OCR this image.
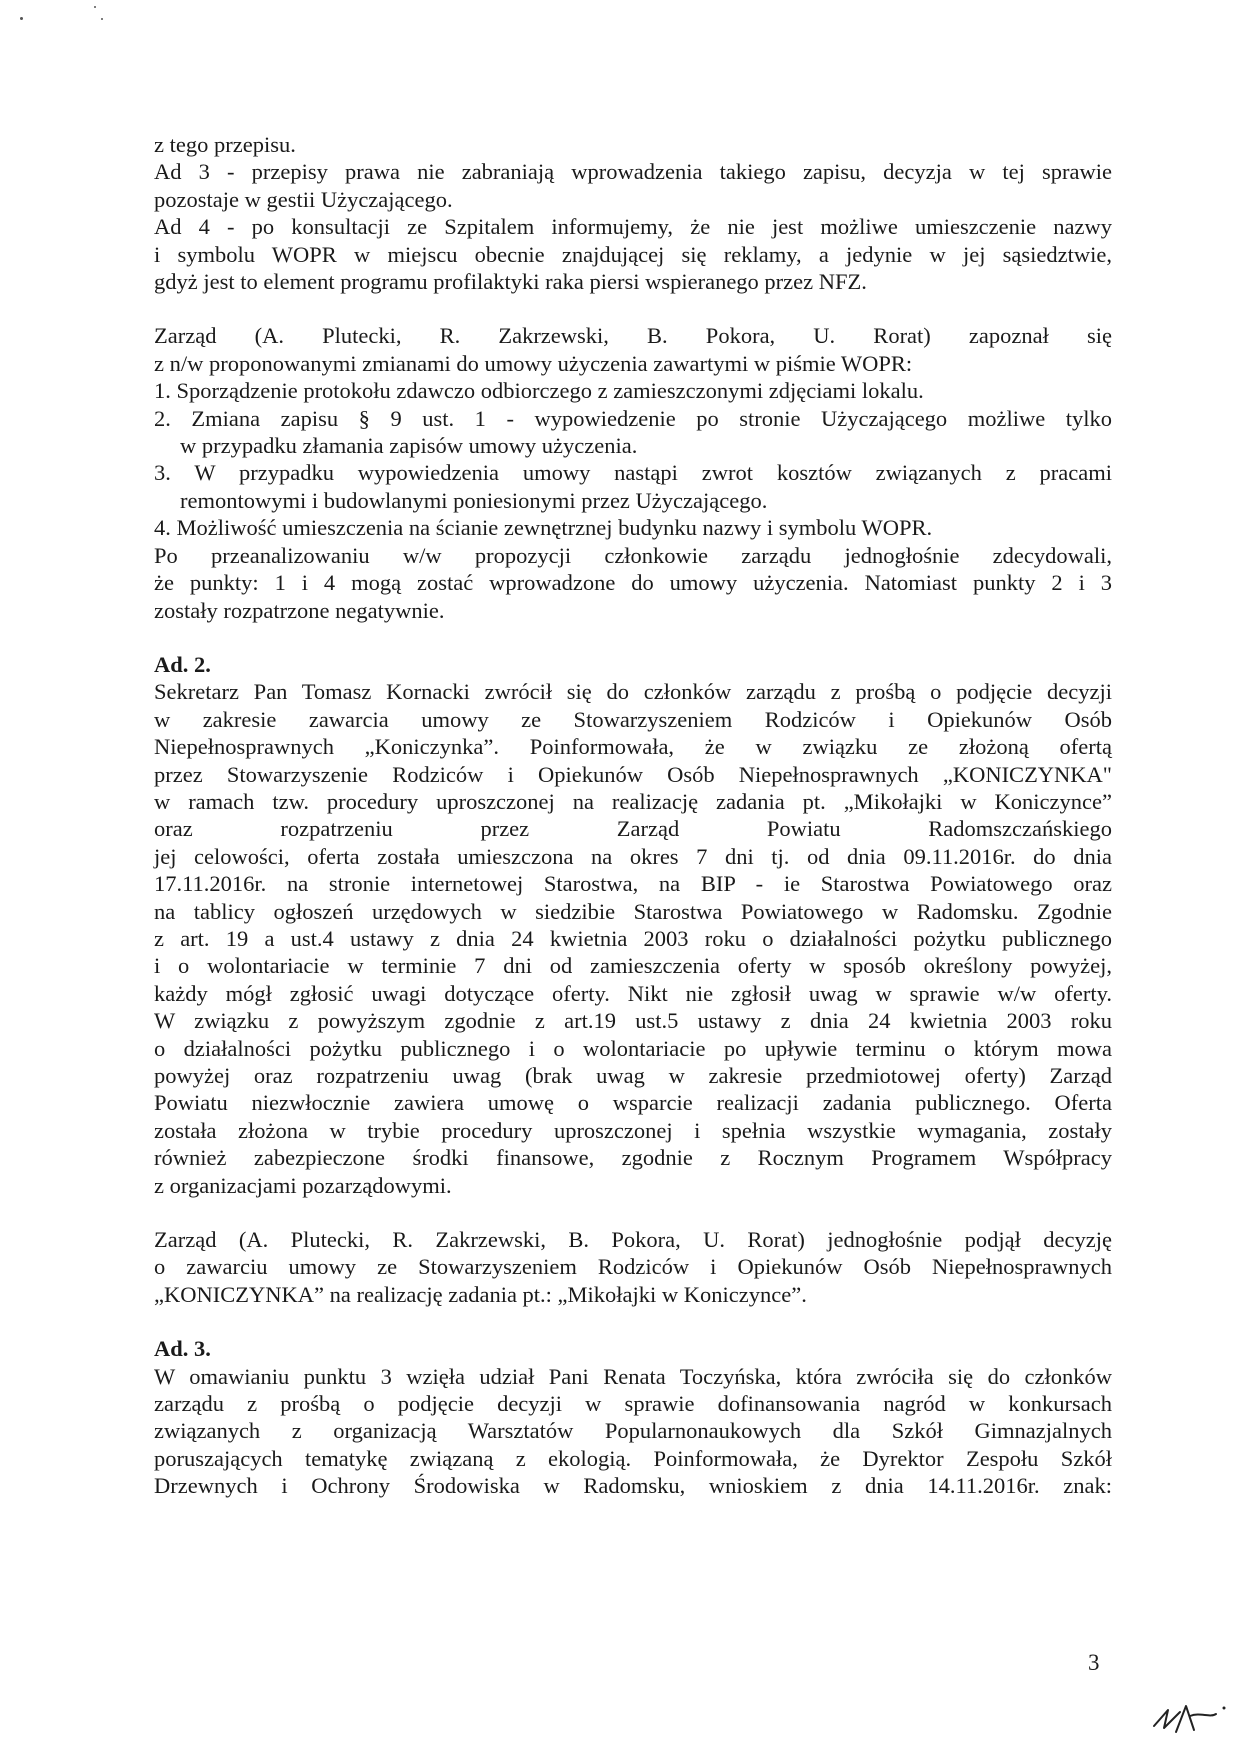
z tego przepisu.

Ad 3 - przepisy prawa nie zabraniają wprowadzenia takiego zapisu, decyzja w tej sprawie

pozostaje w gestii Użyczającego.

Ad 4 - po konsultacji ze Szpitalem informujemy, że nie jest możliwe umieszczenie nazwy

i symbolu WOPR w miejscu obecnie znajdującej się reklamy, a jedynie w jej sąsiedztwie,

gdyż jest to element programu profilaktyki raka piersi wspieranego przez NFZ.

Zarząd (A. Plutecki, R. Zakrzewski, B. Pokora, U. Rorat) zapoznał się

z n/w proponowanymi zmianami do umowy użyczenia zawartymi w piśmie WOPR:

1. Sporządzenie protokołu zdawczo odbiorczego z zamieszczonymi zdjęciami lokalu.

2. Zmiana zapisu § 9 ust. 1 - wypowiedzenie po stronie Użyczającego możliwe tylko

w przypadku złamania zapisów umowy użyczenia.

3. W przypadku wypowiedzenia umowy nastąpi zwrot kosztów związanych z pracami

remontowymi i budowlanymi poniesionymi przez Użyczającego.

4. Możliwość umieszczenia na ścianie zewnętrznej budynku nazwy i symbolu WOPR.

Po przeanalizowaniu w/w propozycji członkowie zarządu jednogłośnie zdecydowali,

że punkty: 1 i 4 mogą zostać wprowadzone do umowy użyczenia. Natomiast punkty 2 i 3

zostały rozpatrzone negatywnie.

Ad. 2.

Sekretarz Pan Tomasz Kornacki zwrócił się do członków zarządu z prośbą o podjęcie decyzji

w zakresie zawarcia umowy ze Stowarzyszeniem Rodziców i Opiekunów Osób

Niepełnosprawnych „Koniczynka”. Poinformowała, że w związku ze złożoną ofertą

przez Stowarzyszenie Rodziców i Opiekunów Osób Niepełnosprawnych „KONICZYNKA"

w ramach tzw. procedury uproszczonej na realizację zadania pt. „Mikołajki w Koniczynce”

oraz rozpatrzeniu przez Zarząd Powiatu Radomszczańskiego

jej celowości, oferta została umieszczona na okres 7 dni tj. od dnia 09.11.2016r. do dnia

17.11.2016r. na stronie internetowej Starostwa, na BIP - ie Starostwa Powiatowego oraz

na tablicy ogłoszeń urzędowych w siedzibie Starostwa Powiatowego w Radomsku. Zgodnie

z art. 19 a ust.4 ustawy z dnia 24 kwietnia 2003 roku o działalności pożytku publicznego

i o wolontariacie w terminie 7 dni od zamieszczenia oferty w sposób określony powyżej,

każdy mógł zgłosić uwagi dotyczące oferty. Nikt nie zgłosił uwag w sprawie w/w oferty.

W związku z powyższym zgodnie z art.19 ust.5 ustawy z dnia 24 kwietnia 2003 roku

o działalności pożytku publicznego i o wolontariacie po upływie terminu o którym mowa

powyżej oraz rozpatrzeniu uwag (brak uwag w zakresie przedmiotowej oferty) Zarząd

Powiatu niezwłocznie zawiera umowę o wsparcie realizacji zadania publicznego. Oferta

została złożona w trybie procedury uproszczonej i spełnia wszystkie wymagania, zostały

również zabezpieczone środki finansowe, zgodnie z Rocznym Programem Współpracy

z organizacjami pozarządowymi.

Zarząd (A. Plutecki, R. Zakrzewski, B. Pokora, U. Rorat) jednogłośnie podjął decyzję

o zawarciu umowy ze Stowarzyszeniem Rodziców i Opiekunów Osób Niepełnosprawnych

„KONICZYNKA” na realizację zadania pt.: „Mikołajki w Koniczynce”.

Ad. 3.

W omawianiu punktu 3 wzięła udział Pani Renata Toczyńska, która zwróciła się do członków

zarządu z prośbą o podjęcie decyzji w sprawie dofinansowania nagród w konkursach

związanych z organizacją Warsztatów Popularnonaukowych dla Szkół Gimnazjalnych

poruszających tematykę związaną z ekologią. Poinformowała, że Dyrektor Zespołu Szkół

Drzewnych i Ochrony Środowiska w Radomsku, wnioskiem z dnia 14.11.2016r. znak:

3
